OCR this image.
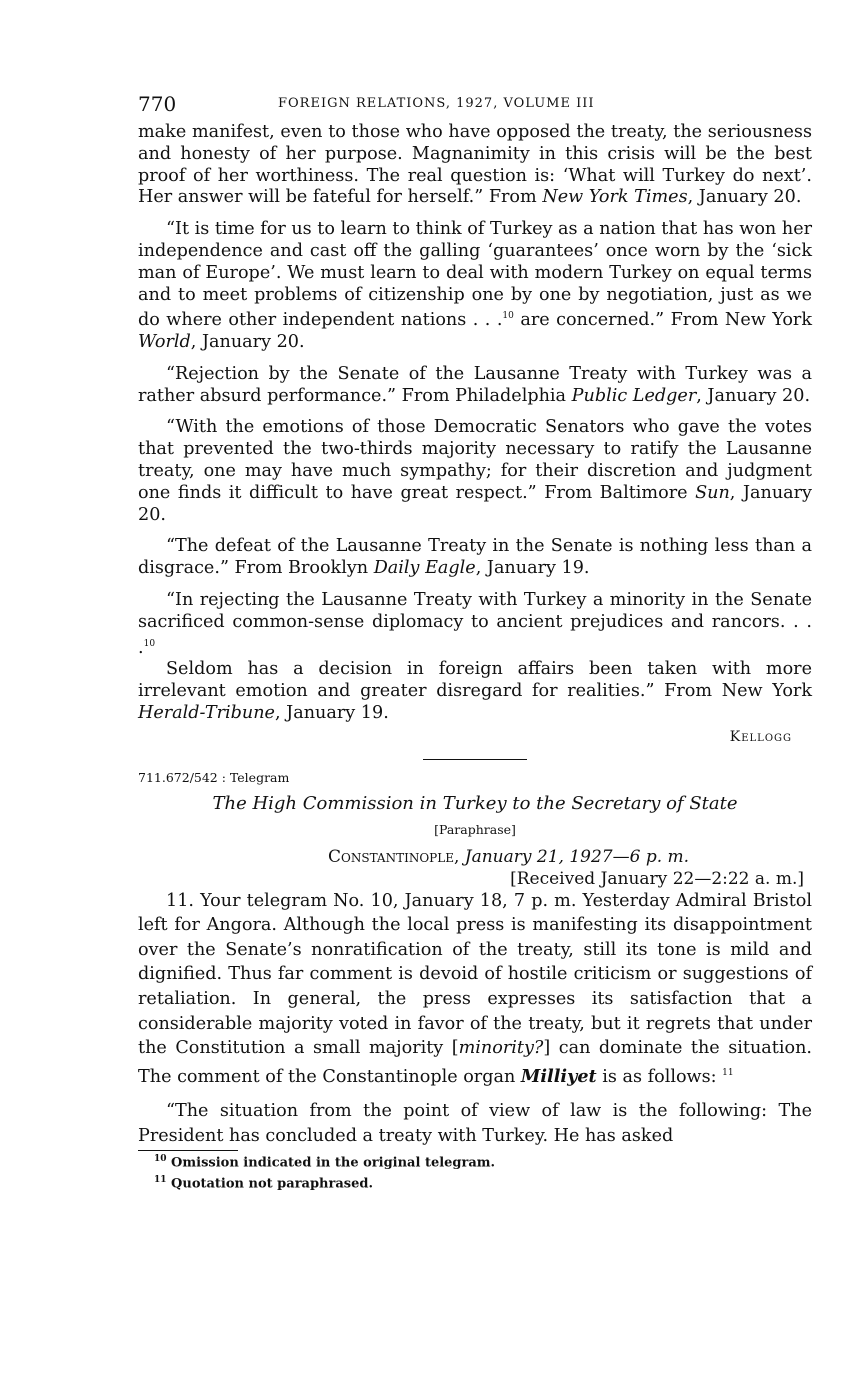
770	FOREIGN RELATIONS, 1927, VOLUME III

make manifest, even to those who have opposed the treaty, the seriousness and honesty of her purpose. Magnanimity in this crisis will be the best proof of her worthiness. The real question is: ‘What will Turkey do next’. Her answer will be fateful for herself.” From New York Times, January 20.

“It is time for us to learn to think of Turkey as a nation that has won her independence and cast off the galling ‘guarantees’ once worn by the ‘sick man of Europe’. We must learn to deal with modern Turkey on equal terms and to meet problems of citizenship one by one by negotiation, just as we do where other independent nations . . .$^{10}$ are concerned.” From New York World, January 20.

“Rejection by the Senate of the Lausanne Treaty with Turkey was a rather absurd performance.” From Philadelphia Public Ledger, January 20.

“With the emotions of those Democratic Senators who gave the votes that prevented the two-thirds majority necessary to ratify the Lausanne treaty, one may have much sympathy; for their discretion and judgment one finds it difficult to have great respect.” From Baltimore Sun, January 20.

“The defeat of the Lausanne Treaty in the Senate is nothing less than a disgrace.” From Brooklyn Daily Eagle, January 19.

“In rejecting the Lausanne Treaty with Turkey a minority in the Senate sacrificed common-sense diplomacy to ancient prejudices and rancors. . . .$^{10}$

Seldom has a decision in foreign affairs been taken with more irrelevant emotion and greater disregard for realities.” From New York Herald-Tribune, January 19.

Kellogg
711.672/542 : Telegram
The High Commission in Turkey to the Secretary of State
[Paraphrase]
Constantinople, January 21, 1927—6 p. m.
[Received January 22—2:22 a. m.]

11. Your telegram No. 10, January 18, 7 p. m. Yesterday Admiral Bristol left for Angora. Although the local press is manifesting its disappointment over the Senate’s nonratification of the treaty, still its tone is mild and dignified. Thus far comment is devoid of hostile criticism or suggestions of retaliation. In general, the press expresses its satisfaction that a considerable majority voted in favor of the treaty, but it regrets that under the Constitution a small majority [minority?] can dominate the situation. The comment of the Constantinople organ Milliyet is as follows: $^{11}$

“The situation from the point of view of law is the following: The President has concluded a treaty with Turkey. He has asked

$^{10}$ Omission indicated in the original telegram.
$^{11}$ Quotation not paraphrased.
